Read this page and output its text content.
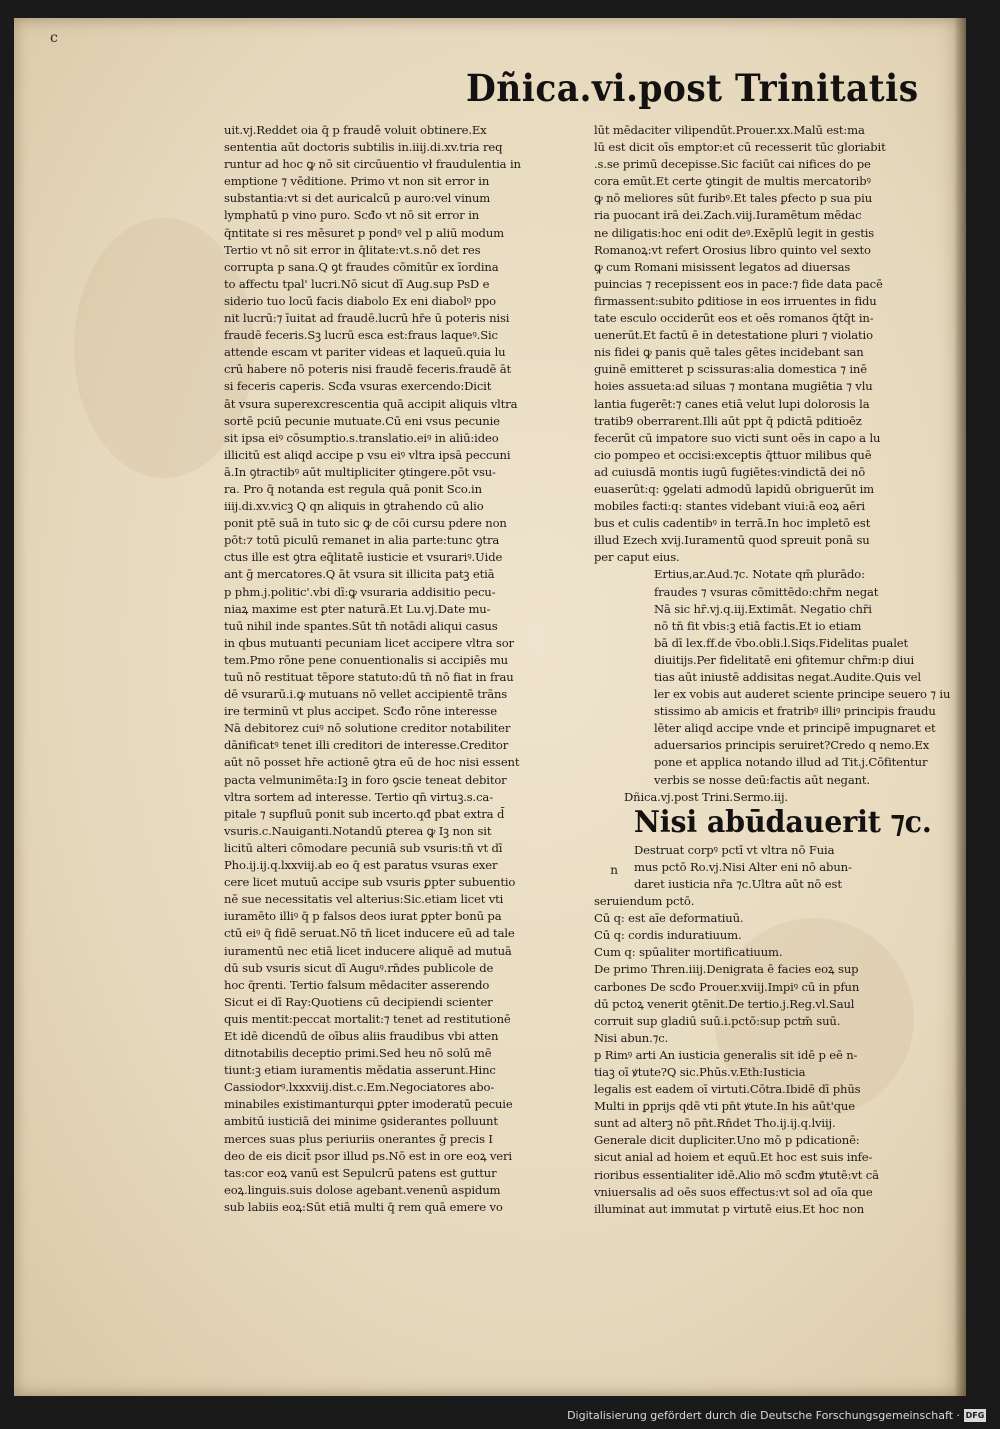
c
Dñica.vi.post Trinitatis
uit.vj.Reddet oia q̄ p fraudē voluit obtinere.Ex
sententia aūt doctoris subtilis in.iiij.di.xv.tria req
runtur ad hoc ꝙ nō sit circūuentio vł fraudulentia in
emptione ⁊ vēditione. Primo vt non sit error in
substantia:vt si det auricalcū p auro:vel vinum
lymphatū p vino puro. Scđo vt nō sit error in
q̄ntitate si res mēsuret p pondꝰ vel p aliū modum
Tertio vt nō sit error in q̄litate:vt.s.nō det res
corrupta p sana.Q ꝯt fraudes cōmitūr ex īordina
to affectu tpal' lucri.Nō sicut dī Aug.sup PsD e
siderio tuo locū facis diabolo Ex eni diabolꝰ ppo
nit lucrū:⁊ īuitat ad fraudē.lucrū hr̄e ū poteris nisi
fraudē feceris.Sꝫ lucrū esca est:fraus laqueꝰ.Sic
attende escam vt pariter videas et laqueū.quia lu
crū habere nō poteris nisi fraudē feceris.fraudē āt
si feceris caperis. Scđa vsuras exercendo:Dicit
āt vsura superexcrescentia quā accipit aliquis vltra
sortē pciū pecunie mutuate.Cū eni vsus pecunie
sit ipsa eiꝰ cōsumptio.s.translatio.eiꝰ in aliū:ideo
illicitū est aliqd accipe p vsu eiꝰ vltra ipsā peccuni
ā.In ꝯtractibꝰ aūt multipliciter ꝯtingere.pōt vsu-
ra. Pro q̄ notanda est regula quā ponit Sco.in
iiij.di.xv.vicꝫ Q qn aliquis in ꝯtrahendo cū alio
ponit ptē suā in tuto sic ꝙ de cōi cursu pdere non
pōt:⁊ totū piculū remanet in alia parte:tunc ꝯtra
ctus ille est ꝯtra eq̄litatē iusticie et vsurariꝰ.Uide
ant ḡ mercatores.Q āt vsura sit illicita patꝫ etiā
p phm.j.politic'.vbi dī:ꝙ vsuraria addisitio pecu-
niaꝝ maxime est ꝑter naturā.Et Lu.vj.Date mu-
tuū nihil inde spantes.Sūt tn̄ notādi aliqui casus
in qbus mutuanti pecuniam licet accipere vltra sor
tem.Pmo rōne pene conuentionalis si accipiēs mu
tuū nō restituat tēpore statuto:dū tn̄ nō fiat in frau
dē vsurarū.i.ꝙ mutuans nō vellet accipientē trāns
ire terminū vt plus accipet. Scđo rōne interesse
Nā debitorez cuiꝰ nō solutione creditor notabiliter
dānificatꝰ tenet illi creditori de interesse.Creditor
aūt nō posset hr̄e actionē ꝯtra eū de hoc nisi essent
pacta velmunimēta:Iꝫ in foro ꝯscie teneat debitor
vltra sortem ad interesse. Tertio qn̄ virtuꝫ.s.ca-
pitale ⁊ supfluū ponit sub incerto.qđ pbat extra d̄
vsuris.c.Nauiganti.Notandū ꝑterea ꝙ Iꝫ non sit
licitū alteri cōmodare pecuniā sub vsuris:tn̄ vt dī
Pho.ij.ij.q.lxxviij.ab eo q̄ est paratus vsuras exer
cere licet mutuū accipe sub vsuris ꝑpter subuentio
nē sue necessitatis vel alterius:Sic.etiam licet vti
iuramēto illiꝰ q̄ p falsos deos iurat ꝑpter bonū pa
ctū eiꝰ q̄ fidē seruat.Nō tn̄ licet inducere eū ad tale
iuramentū nec etiā licet inducere aliquē ad mutuā
dū sub vsuris sicut dī Auguꝰ.rn̄des publicole de
hoc q̄renti. Tertio falsum mēdaciter asserendo
Sicut ei dī Ray:Quotiens cū decipiendi scienter
quis mentit:peccat mortalit:⁊ tenet ad restitutionē
Et idē dicendū de oībus aliis fraudibus vbi atten
ditnotabilis deceptio primi.Sed heu nō solū mē
tiunt:ꝫ etiam iuramentis mēdatia asserunt.Hinc
Cassiodorꝰ.lxxxviij.dist.c.Em.Negociatores abo-
minabiles existimanturqui ꝑpter imoderatū pecuie
ambitū iusticiā dei minime ꝯsiderantes polluunt
merces suas plus periuriis onerantes ḡ precis I
deo de eis dicit̄ psor illud ps.Nō est in ore eoꝝ veri
tas:cor eoꝝ vanū est Sepulcrū patens est guttur
eoꝝ.linguis.suis dolose agebant.venenū aspidum
sub labiis eoꝝ:Sūt etiā multi q̄ rem quā emere vo
lūt mēdaciter vilipendūt.Prouer.xx.Malū est:ma
lū est dicit oīs emptor:et cū recesserit tūc gloriabit
.s.se primū decepisse.Sic faciūt cai nifices do pe
cora emūt.Et certe ꝯtingit de multis mercatoribꝰ
ꝙ nō meliores sūt furibꝰ.Et tales ꝑfecto p sua piu
ria puocant irā dei.Zach.viij.Iuramētum mēdac
ne diligatis:hoc eni odit deꝰ.Exēplū legit in gestis
Romanoꝝ:vt refert Orosius libro quinto vel sexto
ꝙ cum Romani misissent legatos ad diuersas
puincias ⁊ recepissent eos in pace:⁊ fide data pacē
firmassent:subito ꝑditiose in eos irruentes in fidu
tate esculo occiderūt eos et oēs romanos q̄tq̄t in-
uenerūt.Et factū ē in detestatione pluri ⁊ violatio
nis fidei ꝙ panis quē tales gētes incidebant san
guinē emitteret p scissuras:alia domestica ⁊ inē
hoies assueta:ad siluas ⁊ montana mugiētia ⁊ vlu
lantia fugerēt:⁊ canes etiā velut lupi dolorosis la
tratib9 oberrarent.Illi aūt ppt q̄ pdictā pditioēz
fecerūt cū impatore suo victi sunt oēs in capo a lu
cio pompeo et occisi:exceptis q̄ttuor milibus quē
ad cuiusdā montis iugū fugiētes:vindictā dei nō
euaserūt:q: ꝯgelati admodū lapidū obriguerūt im
mobiles facti:q: stantes videbant viui:ā eoꝝ aēri
bus et culis cadentibꝰ in terrā.In hoc impletō est
illud Ezech xvij.Iuramentū quod spreuit ponā su
per caput eius.
Ertius,ar.Aud.⁊c. Notate qm̄ plurādo:
fraudes ⁊ vsuras cōmittēdo:chr̄m negat
Nā sic hr̄.vj.q.iij.Extimāt. Negatio chr̄i
nō tn̄ fit vbis:ꝫ etiā factis.Et io etiam
bā dī lex.ff.de v̄bo.obli.l.Siqs.Fidelitas pualet
diuitijs.Per fidelitatē eni ꝯfitemur chr̄m:p diui
tias aūt iniustē addisitas negat.Audite.Quis vel
ler ex vobis aut auderet sciente principe seuero ⁊ iu
stissimo ab amicis et fratribꝰ illiꝰ principis fraudu
lēter aliqd accipe vnde et principē impugnaret et
aduersarios principis seruiret?Credo q nemo.Ex
pone et applica notando illud ad Tit.j.Cōfitentur
verbis se nosse deū:factis aūt negant.
Dñica.vj.post Trini.Sermo.iij.
Nisi abūdauerit ⁊c.
n
Destruat corpꝰ pctī vt vltra nō Fuia
mus pctō Ro.vj.Nisi Alter eni nō abun-
daret iusticia nr̄a ⁊c.Ultra aūt nō est
seruiendum pctō.
Cū q: est aīe deformatiuū.
Cū q: cordis induratiuum.
Cum q: spūaliter mortificatiuum.
De primo Thren.iiij.Denigrata ē facies eoꝝ sup
carbones De scđo Prouer.xviij.Impiꝰ cū in pfun
dū pctoꝝ venerit ꝯtēnit.De tertio.j.Reg.vl.Saul
corruit sup gladiū suū.i.pctō:sup pctm̄ suū.
Nisi abun.⁊c.
p Rimꝰ arti An iusticia generalis sit idē p eē n-
tiaꝫ oī ꝟtute?Q sic.Phūs.v.Eth:Iusticia
legalis est eadem oī virtuti.Cōtra.Ibidē dī phūs
Multi in ꝑprijs qdē vti pn̄t ꝟtute.In his aūt'que
sunt ad alterꝫ nō pn̄t.Rn̄det Tho.ij.ij.q.lviij.
Generale dicit dupliciter.Uno mō p pdicationē:
sicut anial ad hoiem et equū.Et hoc est suis infe-
rioribus essentialiter idē.Alio mō scđm ꝟtutē:vt cā
vniuersalis ad oēs suos effectus:vt sol ad oīa que
illuminat aut immutat p virtutē eius.Et hoc non
Digitalisierung gefördert durch die Deutsche Forschungsgemeinschaft · DFG
